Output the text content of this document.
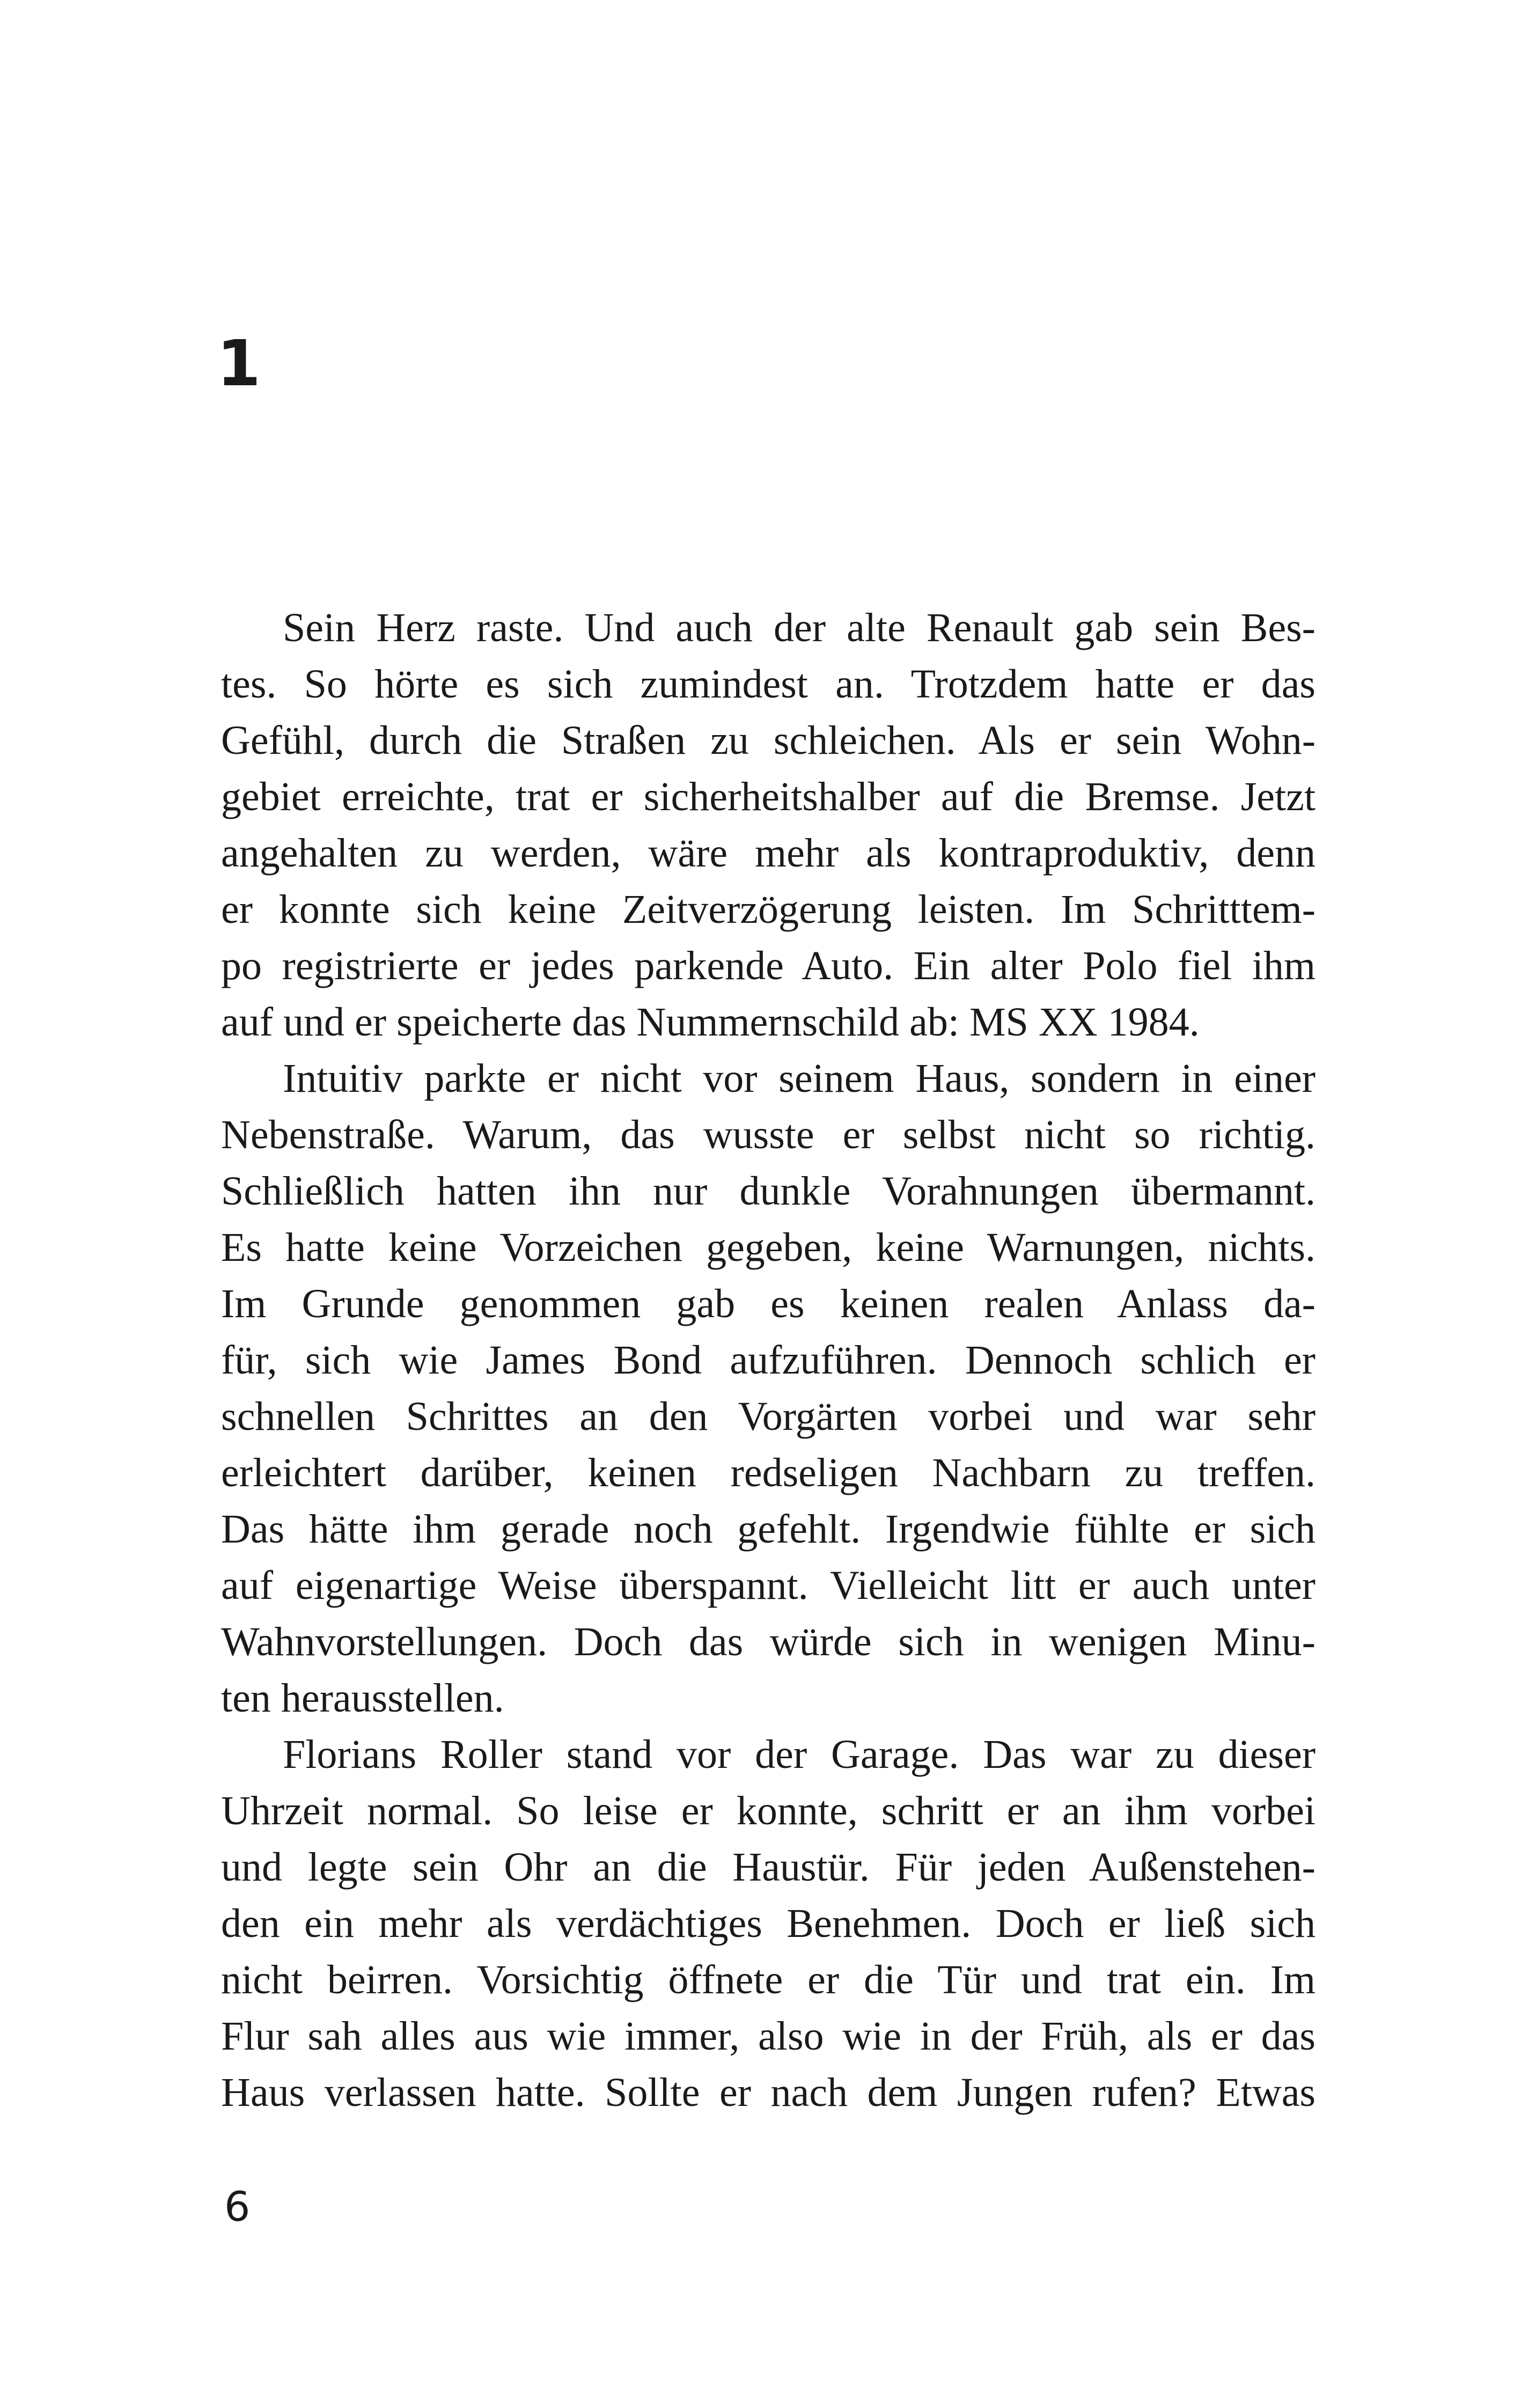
1
Sein Herz raste. Und auch der alte Renault gab sein Bes-
tes. So hörte es sich zumindest an. Trotzdem hatte er das
Gefühl, durch die Straßen zu schleichen. Als er sein Wohn-
gebiet erreichte, trat er sicherheitshalber auf die Bremse. Jetzt
angehalten zu werden, wäre mehr als kontraproduktiv, denn
er konnte sich keine Zeitverzögerung leisten. Im Schritttem-
po registrierte er jedes parkende Auto. Ein alter Polo fiel ihm
auf und er speicherte das Nummernschild ab: MS XX 1984.
Intuitiv parkte er nicht vor seinem Haus, sondern in einer
Nebenstraße. Warum, das wusste er selbst nicht so richtig.
Schließlich hatten ihn nur dunkle Vorahnungen übermannt.
Es hatte keine Vorzeichen gegeben, keine Warnungen, nichts.
Im Grunde genommen gab es keinen realen Anlass da-
für, sich wie James Bond aufzuführen. Dennoch schlich er
schnellen Schrittes an den Vorgärten vorbei und war sehr
erleichtert darüber, keinen redseligen Nachbarn zu treffen.
Das hätte ihm gerade noch gefehlt. Irgendwie fühlte er sich
auf eigenartige Weise überspannt. Vielleicht litt er auch unter
Wahnvorstellungen. Doch das würde sich in wenigen Minu-
ten herausstellen.
Florians Roller stand vor der Garage. Das war zu dieser
Uhrzeit normal. So leise er konnte, schritt er an ihm vorbei
und legte sein Ohr an die Haustür. Für jeden Außenstehen-
den ein mehr als verdächtiges Benehmen. Doch er ließ sich
nicht beirren. Vorsichtig öffnete er die Tür und trat ein. Im
Flur sah alles aus wie immer, also wie in der Früh, als er das
Haus verlassen hatte. Sollte er nach dem Jungen rufen? Etwas
6
